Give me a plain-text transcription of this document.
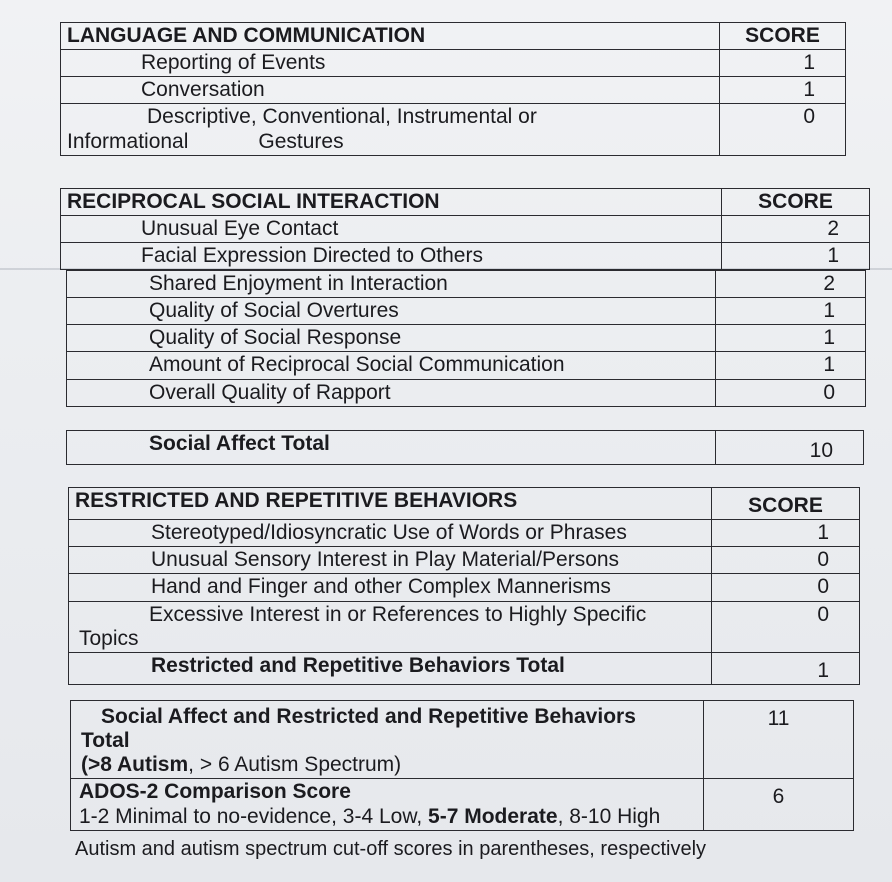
LANGUAGE AND COMMUNICATION	SCORE
Reporting of Events	1
Conversation	1

Descriptive, Conventional, Instrumental or
Informational            Gestures	0
RECIPROCAL SOCIAL INTERACTION	SCORE
Unusual Eye Contact	2
Facial Expression Directed to Others	1
Shared Enjoyment in Interaction	2
Quality of Social Overtures	1
Quality of Social Response	1
Amount of Reciprocal Social Communication	1
Overall Quality of Rapport	0
Social Affect Total	10
RESTRICTED AND REPETITIVE BEHAVIORS	SCORE
Stereotyped/Idiosyncratic Use of Words or Phrases	1
Unusual Sensory Interest in Play Material/Persons	0
Hand and Finger and other Complex Mannerisms	0

Excessive Interest in or References to Highly Specific
Topics	0
Restricted and Repetitive Behaviors Total	1
Social Affect and Restricted and Repetitive Behaviors
Total
(>8 Autism, > 6 Autism Spectrum)	11

ADOS-2 Comparison Score
1-2 Minimal to no-evidence, 3-4 Low, 5-7 Moderate, 8-10 High	6
Autism and autism spectrum cut-off scores in parentheses, respectively
